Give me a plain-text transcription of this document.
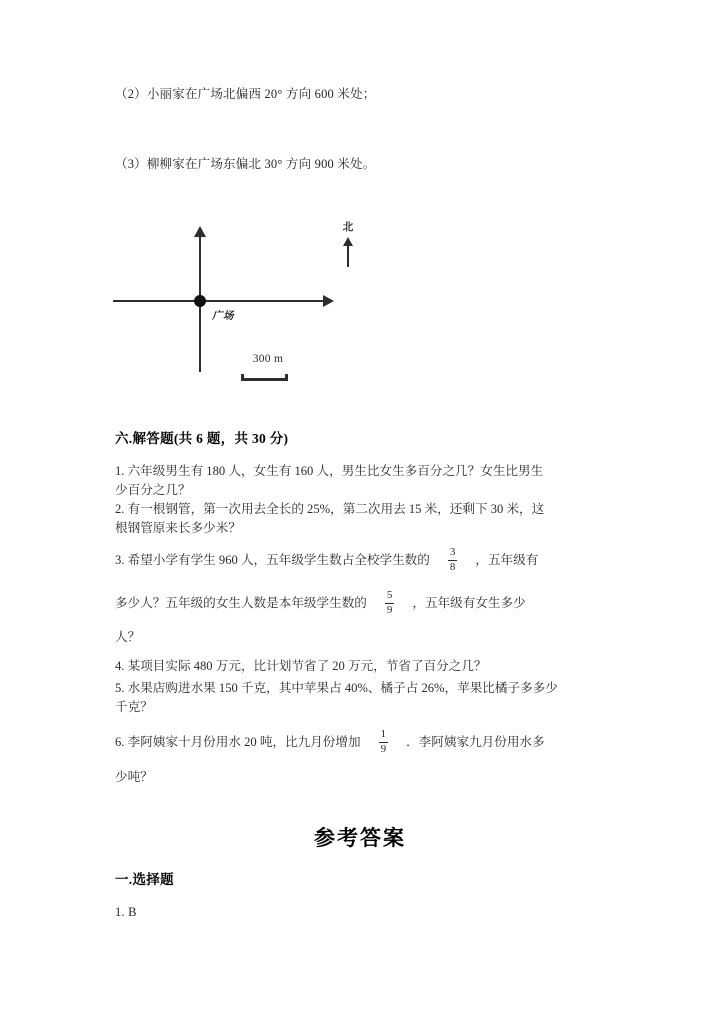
（2）小丽家在广场北偏西 20° 方向 600 米处；
（3）柳柳家在广场东偏北 30° 方向 900 米处。
广场
北
300 m
六.解答题(共 6 题，共 30 分)
1. 六年级男生有 180 人，女生有 160 人，男生比女生多百分之几？女生比男生
少百分之几？
2. 有一根钢管，第一次用去全长的 25%，第二次用去 15 米，还剩下 30 米，这
根钢管原来长多少米？
3. 希望小学有学生 960 人，五年级学生数占全校学生数的 $\frac{3}{8}$ ，五年级有
多少人？五年级的女生人数是本年级学生数的 $\frac{5}{9}$ ，五年级有女生多少
人？
4. 某项目实际 480 万元，比计划节省了 20 万元，节省了百分之几？
5. 水果店购进水果 150 千克，其中苹果占 40%、橘子占 26%，苹果比橘子多多少
千克？
6. 李阿姨家十月份用水 20 吨，比九月份增加 $\frac{1}{9}$ ．李阿姨家九月份用水多
少吨？
参考答案
一.选择题
1. B
